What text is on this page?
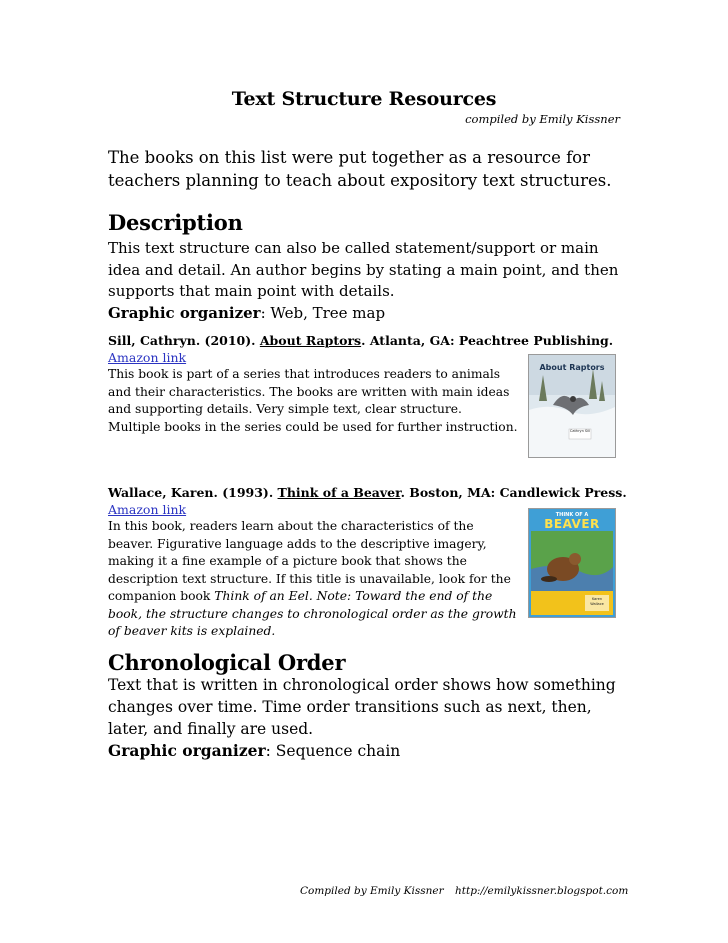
Text Structure Resources
compiled by Emily Kissner
The books on this list were put together as a resource for teachers planning to teach about expository text structures.
Description
This text structure can also be called statement/support or main idea and detail. An author begins by stating a main point, and then supports that main point with details.
Graphic organizer: Web, Tree map
Sill, Cathryn. (2010). About Raptors. Atlanta, GA: Peachtree Publishing.
Amazon link
This book is part of a series that introduces readers to animals and their characteristics. The books are written with main ideas and supporting details. Very simple text, clear structure. Multiple books in the series could be used for further instruction.
About Raptors
Cathryn Sill
Wallace, Karen. (1993). Think of a Beaver. Boston, MA: Candlewick Press.
Amazon link
In this book, readers learn about the characteristics of the beaver. Figurative language adds to the descriptive imagery, making it a fine example of a picture book that shows the description text structure. If this title is unavailable, look for the companion book Think of an Eel. Note: Toward the end of the book, the structure changes to chronological order as the growth of beaver kits is explained.
THINK OF A
BEAVER
Karen Wallace
Chronological Order
Text that is written in chronological order shows how something changes over time. Time order transitions such as next, then, later, and finally are used.
Graphic organizer: Sequence chain
Compiled by Emily Kissner http://emilykissner.blogspot.com
